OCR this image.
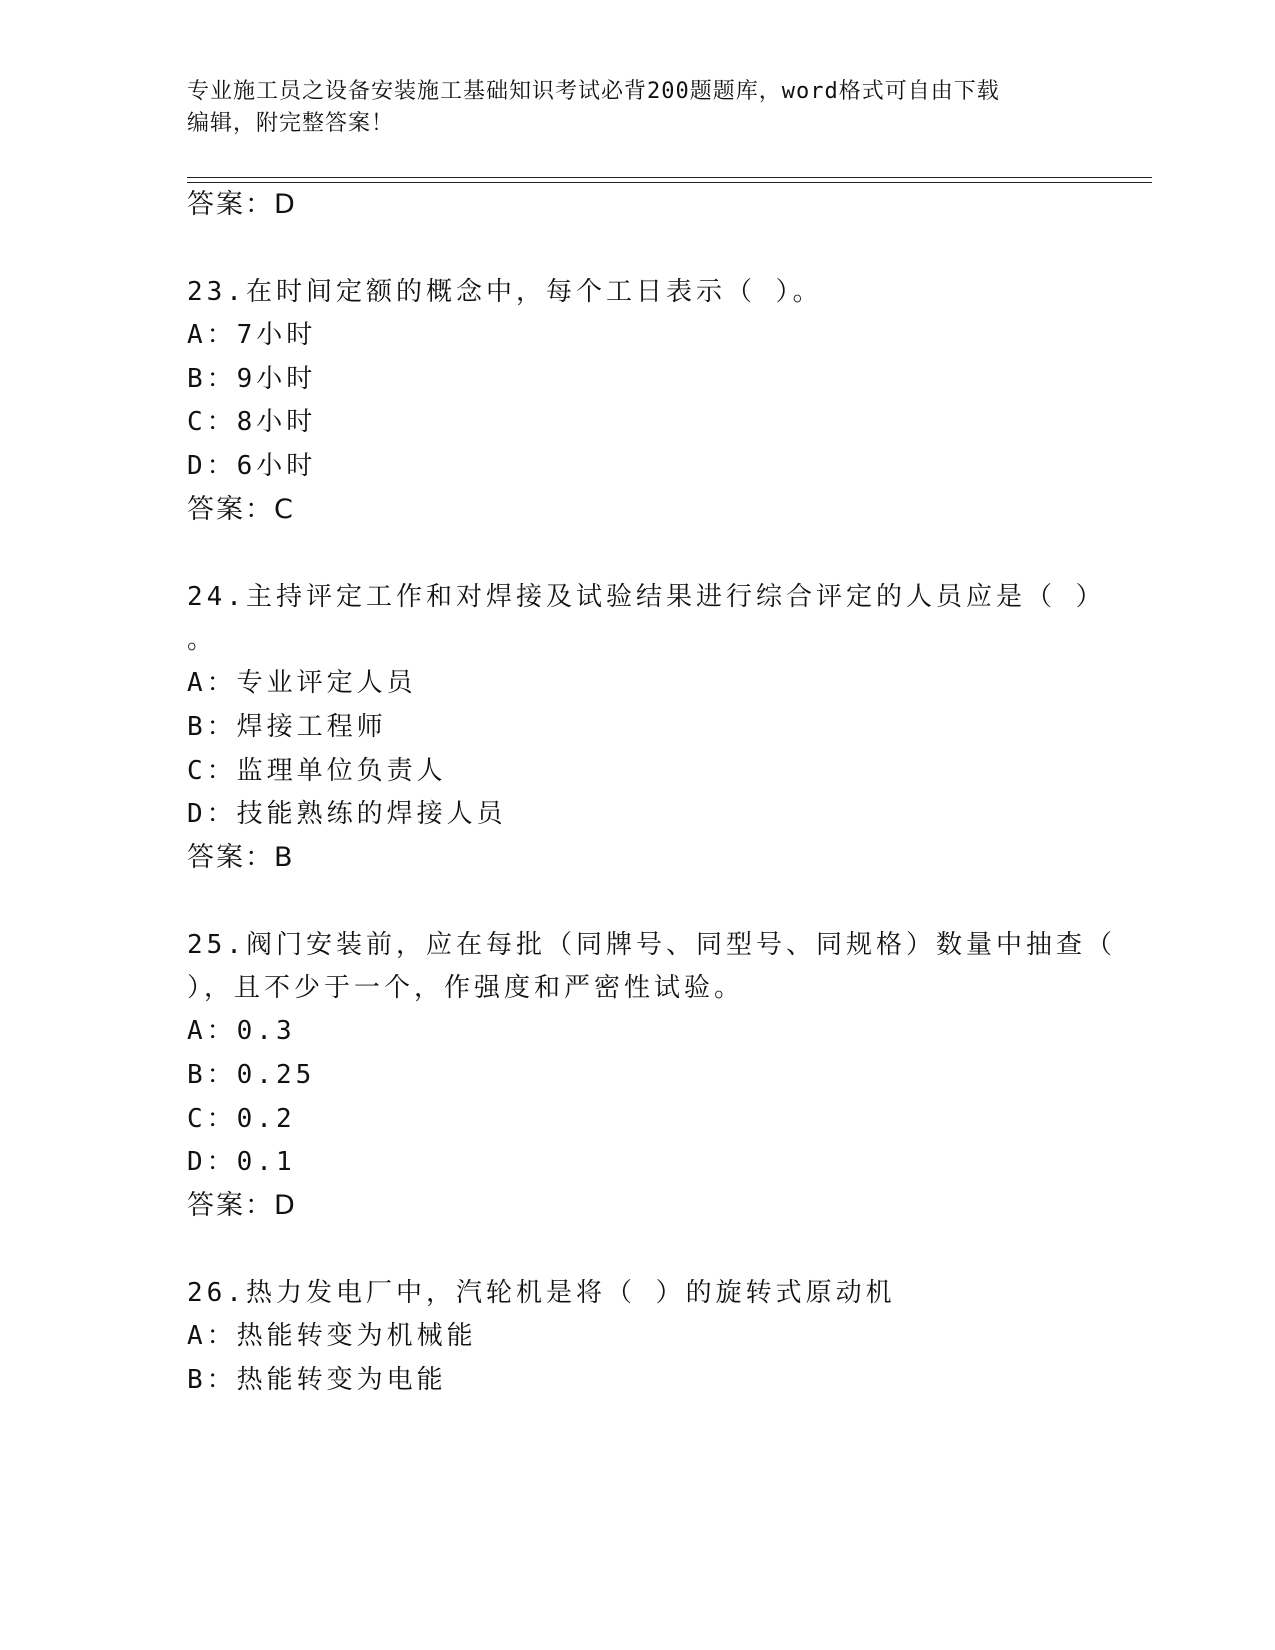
专业施工员之设备安装施工基础知识考试必背200题题库，word格式可自由下载
编辑，附完整答案！
答案：D
23.在时间定额的概念中，每个工日表示（ ）。
A：7小时
B：9小时
C：8小时
D：6小时
答案：C
24.主持评定工作和对焊接及试验结果进行综合评定的人员应是（ ）
。
A：专业评定人员
B：焊接工程师
C：监理单位负责人
D：技能熟练的焊接人员
答案：B
25.阀门安装前，应在每批（同牌号、同型号、同规格）数量中抽查（
），且不少于一个，作强度和严密性试验。
A：0.3
B：0.25
C：0.2
D：0.1
答案：D
26.热力发电厂中，汽轮机是将（ ）的旋转式原动机
A：热能转变为机械能
B：热能转变为电能
